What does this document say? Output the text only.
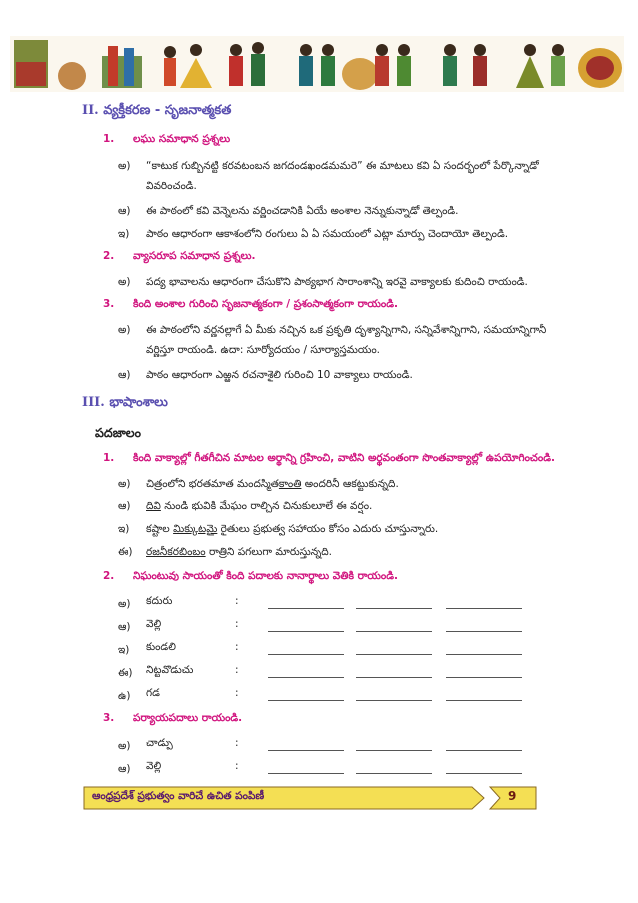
II. వ్యక్తీకరణ - సృజనాత్మకత
1. లఘు సమాధాన ప్రశ్నలు
అ) “కాటుక గుబ్బినట్టి కరవటంబన జగదండఖండమమరె” ఈ మాటలు కవి ఏ సందర్భంలో పేర్కొన్నాడో
వివరించండి.
ఆ) ఈ పాఠంలో కవి వెన్నెలను వర్ణించడానికి ఏయే అంశాల నెన్నుకున్నాడో తెల్పండి.
ఇ) పాఠం ఆధారంగా ఆకాశంలోని రంగులు ఏ ఏ సమయంలో ఎట్లా మార్పు చెందాయో తెల్పండి.
2. వ్యాసరూప సమాధాన ప్రశ్నలు.
అ) పద్య భావాలను ఆధారంగా చేసుకొని పాఠ్యభాగ సారాంశాన్ని ఇరవై వాక్యాలకు కుదించి రాయండి.
3. కింది అంశాల గురించి సృజనాత్మకంగా / ప్రశంసాత్మకంగా రాయండి.
అ) ఈ పాఠంలోని వర్ణనల్లాగే ఏ మీకు నచ్చిన ఒక ప్రకృతి దృశ్యాన్నిగాని, సన్నివేశాన్నిగాని, సమయాన్నిగానీ
వర్ణిస్తూ రాయండి. ఉదా: సూర్యోదయం / సూర్యాస్తమయం.
ఆ) పాఠం ఆధారంగా ఎఱ్ఱన రచనాశైలి గురించి 10 వాక్యాలు రాయండి.
III. భాషాంశాలు
పదజాలం
1. కింది వాక్యాల్లో గీతగీచిన మాటల అర్థాన్ని గ్రహించి, వాటిని అర్థవంతంగా సొంతవాక్యాల్లో ఉపయోగించండి.
అ) చిత్రంలోని భరతమాత మందస్మితకాంతి అందరినీ ఆకట్టుకున్నది.
ఆ) దివి నుండి భువికి మేఘం రాల్చిన చినుకులూలే ఈ వర్షం.
ఇ) కష్టాల మిక్కుటమై రైతులు ప్రభుత్వ సహాయం కోసం ఎదురు చూస్తున్నారు.
ఈ) రజనీకరబింబం రాత్రిని పగలుగా మారుస్తున్నది.
2. నిఘంటువు సాయంతో కింది పదాలకు నానార్థాలు వెతికి రాయండి.
అ)	కదురు	:
ఆ)	వెల్లి	:
ఇ)	కుండలి	:
ఈ)	నిట్టవొడుచు	:
ఉ)	గడ	:
3. పర్యాయపదాలు రాయండి.
అ)	చాడ్పు	:
ఆ)	వెల్లి	:
ఆంధ్రప్రదేశ్ ప్రభుత్వం వారిచే ఉచిత పంపిణీ	9
